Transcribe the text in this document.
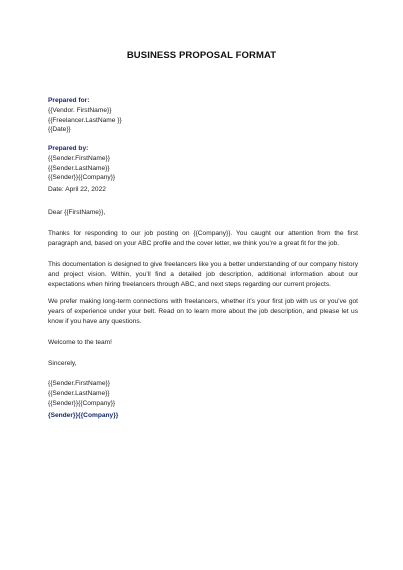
BUSINESS PROPOSAL FORMAT

Prepared for:

{{Vendor. FirstName}}

{{Freelancer.LastName }}

{{Date}}

Prepared by:

{{Sender.FirstName}}

{{Sender.LastName}}

{{Sender}}{{Company}}

Date: April 22, 2022

Dear {{FirstName}},

Thanks for responding to our job posting on {{Company}}. You caught our attention from the first paragraph and, based on your ABC profile and the cover letter, we think you’re a great fit for the job.

This documentation is designed to give freelancers like you a better understanding of our company history and project vision. Within, you’ll find a detailed job description, additional information about our expectations when hiring freelancers through ABC, and next steps regarding our current projects.

We prefer making long-term connections with freelancers, whether it’s your first job with us or you’ve got years of experience under your belt. Read on to learn more about the job description, and please let us know if you have any questions.

Welcome to the team!

Sincerely,

{{Sender.FirstName}}

{{Sender.LastName}}

{{Sender}}{{Company}}

{Sender}}{{Company}}
